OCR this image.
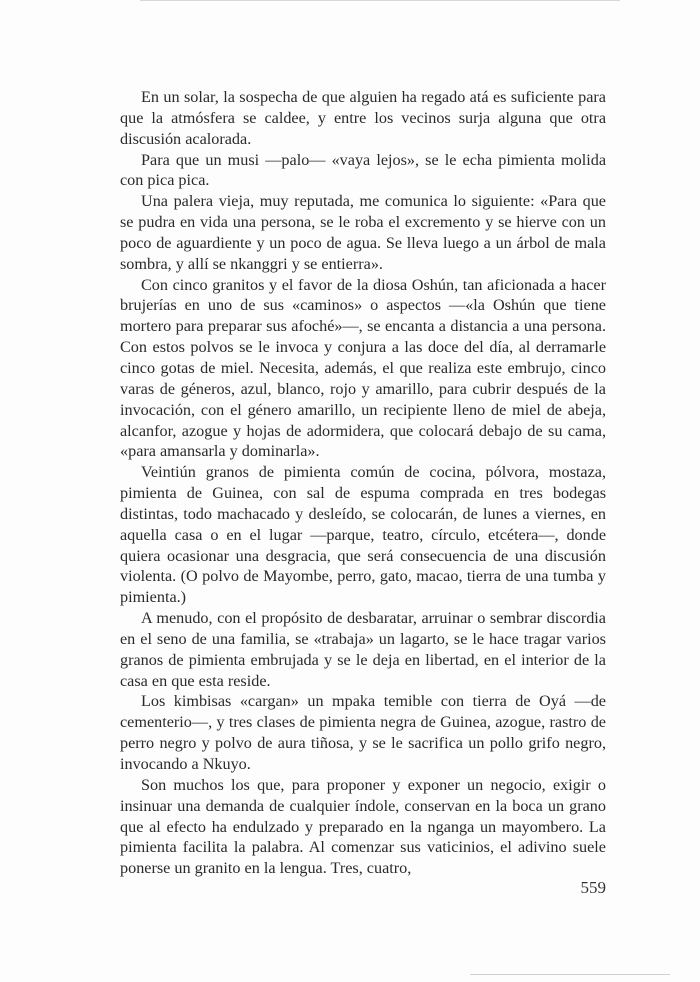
En un solar, la sospecha de que alguien ha regado atá es suficiente para que la atmósfera se caldee, y entre los vecinos surja alguna que otra discusión acalorada.

Para que un musi —palo— «vaya lejos», se le echa pimienta molida con pica pica.

Una palera vieja, muy reputada, me comunica lo siguiente: «Para que se pudra en vida una persona, se le roba el excremento y se hierve con un poco de aguardiente y un poco de agua. Se lleva luego a un árbol de mala sombra, y allí se nkanggri y se entierra».

Con cinco granitos y el favor de la diosa Oshún, tan aficionada a hacer brujerías en uno de sus «caminos» o aspectos —«la Oshún que tiene mortero para preparar sus afoché»—, se encanta a distancia a una persona. Con estos polvos se le invoca y conjura a las doce del día, al derramarle cinco gotas de miel. Necesita, además, el que realiza este embrujo, cinco varas de géneros, azul, blanco, rojo y amarillo, para cubrir después de la invocación, con el género amarillo, un recipiente lleno de miel de abeja, alcanfor, azogue y hojas de adormidera, que colocará debajo de su cama, «para amansarla y dominarla».

Veintiún granos de pimienta común de cocina, pólvora, mostaza, pimienta de Guinea, con sal de espuma comprada en tres bodegas distintas, todo machacado y desleído, se colocarán, de lunes a viernes, en aquella casa o en el lugar —parque, teatro, círculo, etcétera—, donde quiera ocasionar una desgracia, que será consecuencia de una discusión violenta. (O polvo de Mayombe, perro, gato, macao, tierra de una tumba y pimienta.)

A menudo, con el propósito de desbaratar, arruinar o sembrar discordia en el seno de una familia, se «trabaja» un lagarto, se le hace tragar varios granos de pimienta embrujada y se le deja en libertad, en el interior de la casa en que esta reside.

Los kimbisas «cargan» un mpaka temible con tierra de Oyá —de cementerio—, y tres clases de pimienta negra de Guinea, azogue, rastro de perro negro y polvo de aura tiñosa, y se le sacrifica un pollo grifo negro, invocando a Nkuyo.

Son muchos los que, para proponer y exponer un negocio, exigir o insinuar una demanda de cualquier índole, conservan en la boca un grano que al efecto ha endulzado y preparado en la nganga un mayombero. La pimienta facilita la palabra. Al comenzar sus vaticinios, el adivino suele ponerse un granito en la lengua. Tres, cuatro,

559
